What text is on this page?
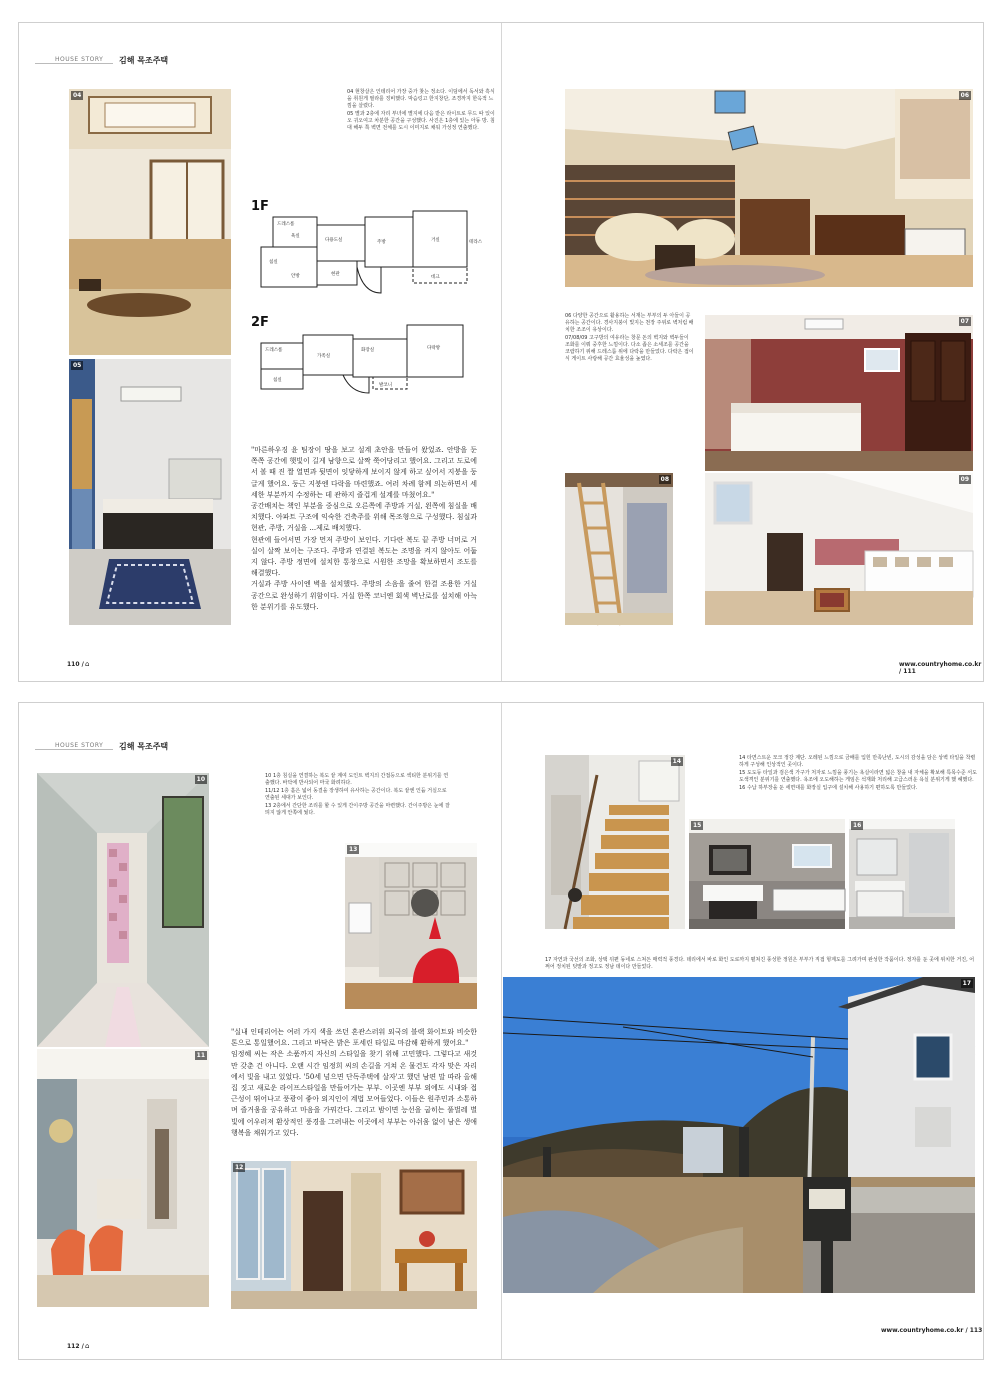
HOUSE STORY 김해 목조주택
04
05

04 현창살은 인테리어 가장 중가 찾는 정소다. 이딤에서 독서와 흑식을 취원게 필라를 징비했다. 막슴링고 한지창단, 조경까지 한옥적 느낌을 살렸다.

05 별과 2층에 자리 부녀에 별지에 다음 받은 라이트로 무드 따 있이오 귀오여고 차분한 공간을 구성했다. 사진은 1층에 있는 아동 방. 침대 해두 쪽 벽면 전체를 도시 이미지로 채워 가성정 연출했다.

1F
드레스룸
욕실
침실
안방
주방	거실	테라스
현관
다용도실
데크
2F
드레스룸
침실
가족실
화장실	다락방
발코니

"마른하우징 윤 팀장이 땅을 보고 설계 초안을 만들어 왔었죠. 안방을 둔 쪽쪽 공간에 햇빛이 길게 남향으로 살짝 쭉어당리고 했어요. 그리고 도로에서 볼 때 진 짤 열면과 뒷면이 잇닿하게 보이지 않게 하고 싶어서 지붕을 둥글게 했어요. 둥근 지붕엔 다락을 마련했죠. 여러 차례 함께 의논하면서 세세한 부분까지 수정하는 데 관하지 즐겁게 설계를 마쳤어요."

공간배치는 책인 부분을 중심으로 오른쪽에 주방과 거실, 왼쪽에 침실을 배치했다. 아파트 구조에 익숙한 건축주를 위해 목조형으로 구성했다. 침실과 현관, 주방, 거실을 ...제로 배치했다.

현관에 들어서면 가장 먼저 주방이 보인다. 기다란 복도 끝 주방 너머로 거실이 살짝 보이는 구조다. 주방과 연결된 복도는 조명을 켜지 않아도 어둡지 않다. 주방 정면에 설치한 통창으로 시원한 조망을 확보하면서 조도를 해결했다.

거실과 주방 사이엔 벽을 설치했다. 주방의 소음을 줄여 한결 조용한 거실 공간으로 완성하기 위함이다. 거실 한쪽 코너엔 회색 벽난로를 설치해 아늑한 분위기를 유도했다.

110 / ⌂
06

06 다양한 공간으로 활용하는 서재는 부부의 두 아들이 공유하는 공간이다. 경사지붕이 빛지는 천장 주위로 벽처럼 배치한 조조이 유상이다.

07/08/09 고구방의 여유라는 창문 돈의 벽지와 벽두들이 조화를 이뤄 중후한 느낌이다. 다소 좁은 소세조를 공간을 코랍하기 위해 드레스룸 위에 다락을 만들었다. 다락은 접이식 게이트 사랑해 공간 효율성을 높였다.

07
08	09
www.countryhome.co.kr / 111
HOUSE STORY 김해 목조주택
10
11

10 1층 침실을 연결하는 복도 끝 계여 도인트 벽지의 간접등으로 섹티한 분위기를 연출했다. 바닥에 반사되어 마국 화려하다.

11/12 1층 홀은 넓어 동결을 장생하여 유사하는 공간이다. 복도 끝엔 인듐 거실으로 연출된 세대가 보인다.

13 2층에서 간단한 조리를 할 수 있게 간이주방 공간을 마련했다. 간이주방은 눈에 잘 띄지 않게 안쪽에 뒀다.

13

"실내 인테리어는 여러 가지 색을 쓰던 혼관스러워 외국의 블랙 화이트와 비슷한 톤으로 통일했어요. 그리고 바닥은 밝은 포세린 타일로 마감해 환하게 했어요."

임정혜 씨는 작은 소품까지 자신의 스타일을 찾기 위해 고민했다. 그렇다고 새것만 갖춘 건 아니다. 오랜 시간 임정희 씨의 손길을 거쳐 온 물건도 각자 맞은 자리에서 빛을 내고 있었다. '50세 넘으면 단독주택에 살자'고 했던 남편 말 따라 올해 집 짓고 새로운 라이프스타일을 만들어가는 부부. 이곳엔 부부 외에도 시내와 접근성이 뛰어나고 풍광이 좋아 외지인이 계법 모여들었다. 이들은 원주민과 소통하며 즐거움을 공유하고 마음을 가꿔간다. 그리고 밤이면 능선을 굽히는 풀벌레 별빛에 어우러져 환상적인 풍경을 그려내는 이곳에서 부부는 아쉬움 없이 남은 생애 행복을 채워가고 있다.

12
112 / ⌂
14	14 타면스트운 모크 정강 계단. 오레된 느낌으로 금배를 입힌 만족난빈, 도시의 감성을 담은 상벽 타일을 착렬하게 구성해 인상적인 곳이다.

15 도도등 타일과 검은색 가구가 처자로 느낌을 풍기는 욕실이라면 넓은 창을 내 자체을 확보해 특목수준 서도 도색격인 분위기를 연출했다. 욕조에 오도해하는 게임은 석재화 처리해 고급스러운 욕실 분위기게 했 헤했다.

16 수납 하부장을 둔 세면대를 화장실 입구에 설치해 사용하기 편하도록 만들었다.

15	16

17 자연과 국선의 조화, 상택 뒤편 동네로 스쳐든 매력적 풍경다. 데리에서 바로 화인 도로까지 펼쳐진 풍성한 정원은 부부가 직접 헝계도를 그려가며 완성한 작품이다. 정자를 둔 곳에 위치한 거진, 어쩌어 정치된 텃밭과 정고도 정남 데이다 만들었다.

17
www.countryhome.co.kr / 113
